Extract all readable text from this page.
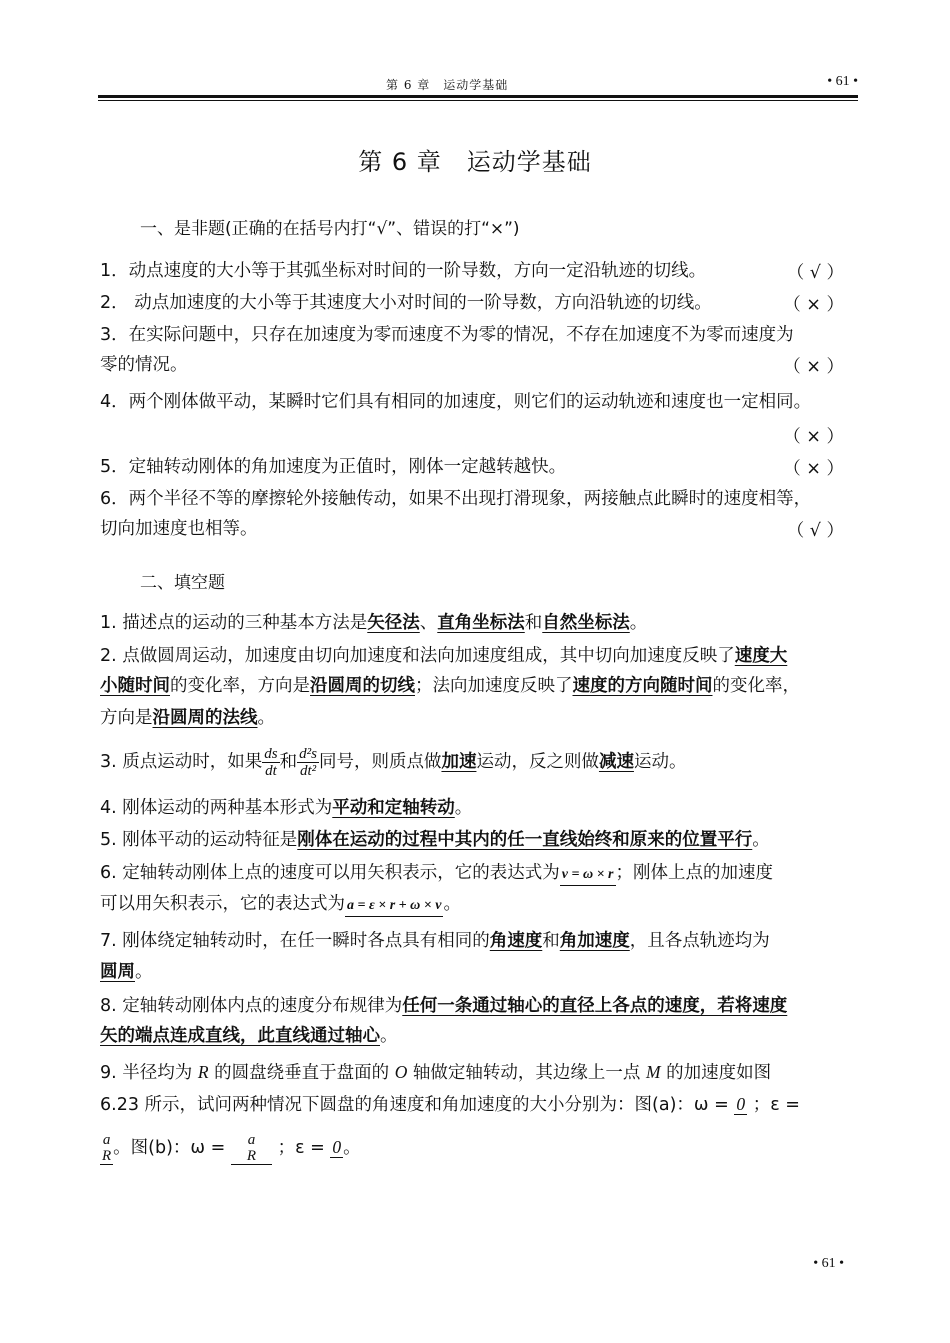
第 6 章　运动学基础	• 61 •
第 6 章　运动学基础
一、是非题(正确的在括号内打“√”、错误的打“×”)
1．动点速度的大小等于其弧坐标对时间的一阶导数，方向一定沿轨迹的切线。	（ √ ）
2． 动点加速度的大小等于其速度大小对时间的一阶导数，方向沿轨迹的切线。	（ × ）
3．在实际问题中，只存在加速度为零而速度不为零的情况，不存在加速度不为零而速度为
零的情况。	（ × ）
4．两个刚体做平动，某瞬时它们具有相同的加速度，则它们的运动轨迹和速度也一定相同。
（ × ）
5．定轴转动刚体的角加速度为正值时，刚体一定越转越快。	（ × ）
6．两个半径不等的摩擦轮外接触传动，如果不出现打滑现象，两接触点此瞬时的速度相等，
切向加速度也相等。	（ √ ）
二、填空题
1. 描述点的运动的三种基本方法是矢径法、直角坐标法和自然坐标法。
2. 点做圆周运动，加速度由切向加速度和法向加速度组成，其中切向加速度反映了速度大
小随时间的变化率，方向是沿圆周的切线；法向加速度反映了速度的方向随时间的变化率，
方向是沿圆周的法线。
3. 质点运动时，如果 $\frac{ds}{dt}$ 和 $\frac{\text{d²s}}{\text{dt²}}$ 同号，则质点做加速运动，反之则做减速运动。
4. 刚体运动的两种基本形式为平动和定轴转动。
5. 刚体平动的运动特征是刚体在运动的过程中其内的任一直线始终和原来的位置平行。
6. 定轴转动刚体上点的速度可以用矢积表示，它的表达式为 v = ω × r ；刚体上点的加速度
可以用矢积表示，它的表达式为 a = ε × r + ω × v 。
7. 刚体绕定轴转动时，在任一瞬时各点具有相同的角速度和角加速度，且各点轨迹均为
圆周。
8. 定轴转动刚体内点的速度分布规律为任何一条通过轴心的直径上各点的速度，若将速度
矢的端点连成直线，此直线通过轴心。
9. 半径均为 R 的圆盘绕垂直于盘面的 O 轴做定轴转动，其边缘上一点 M 的加速度如图
6.23 所示，试问两种情况下圆盘的角速度和角加速度的大小分别为：图(a)：ω = 0 ；ε =
a
R 。图(b)：ω = a
R ；ε = 0 。
• 61 •
